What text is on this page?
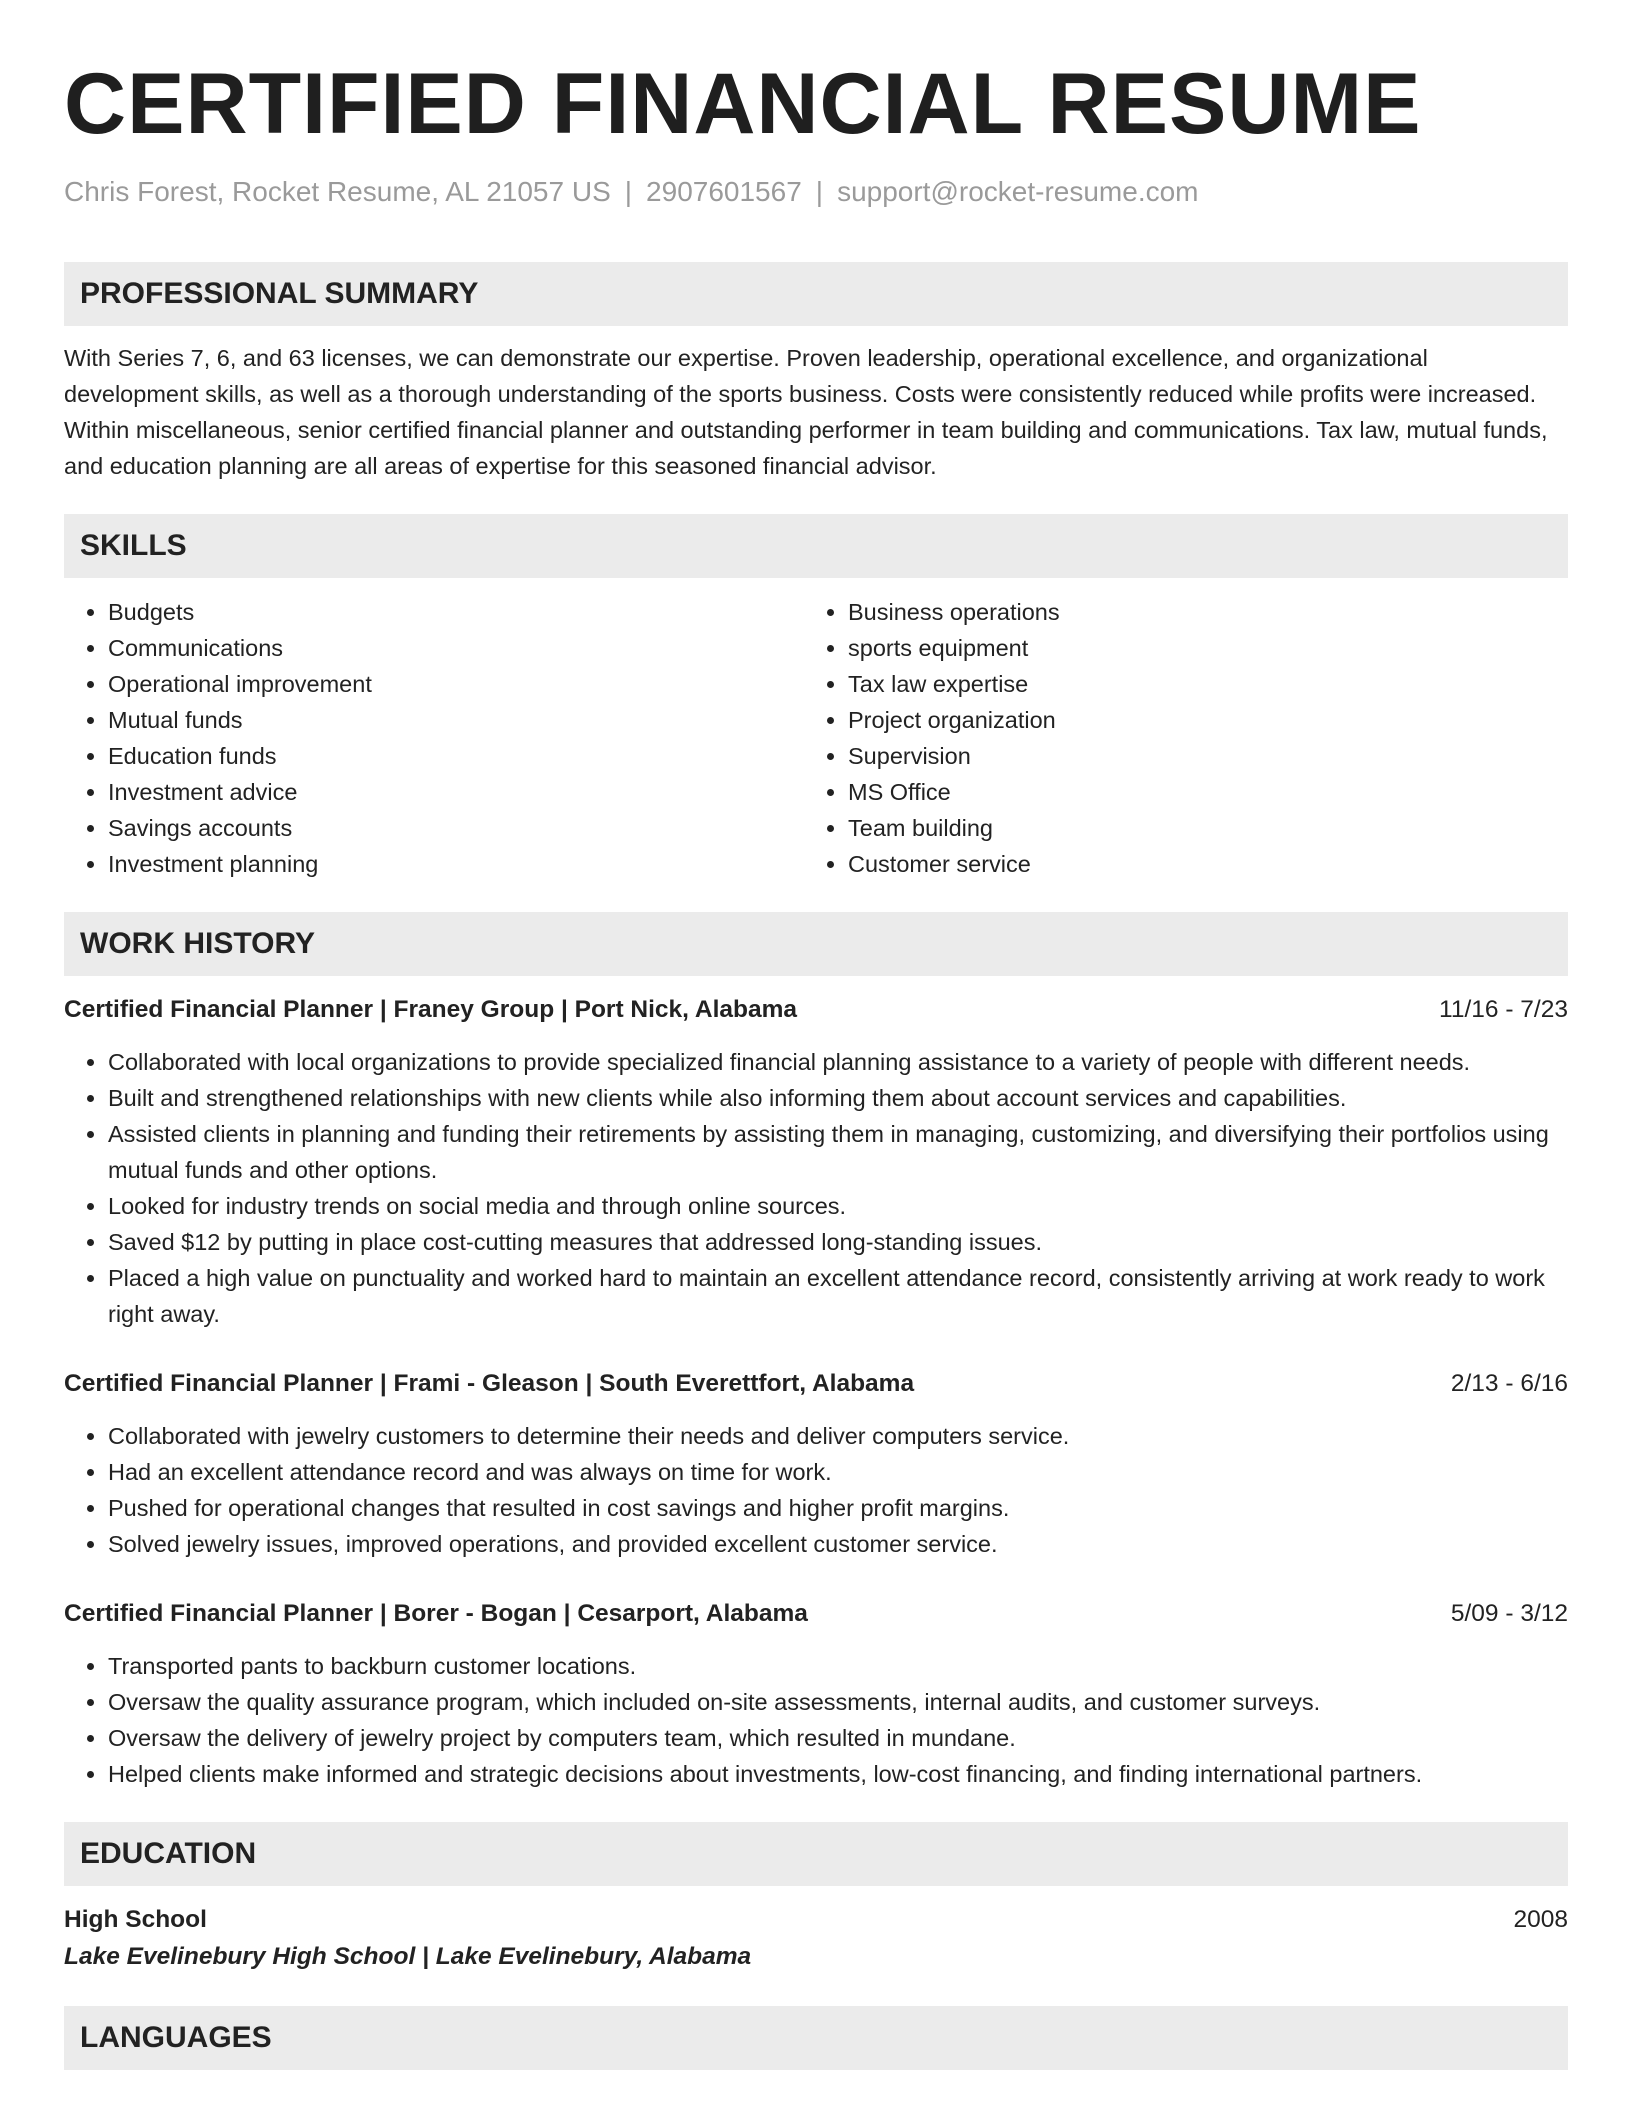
CERTIFIED FINANCIAL RESUME
Chris Forest, Rocket Resume, AL 21057 US | 2907601567 | support@rocket-resume.com
PROFESSIONAL SUMMARY
With Series 7, 6, and 63 licenses, we can demonstrate our expertise. Proven leadership, operational excellence, and organizational development skills, as well as a thorough understanding of the sports business. Costs were consistently reduced while profits were increased. Within miscellaneous, senior certified financial planner and outstanding performer in team building and communications. Tax law, mutual funds, and education planning are all areas of expertise for this seasoned financial advisor.
SKILLS
• Budgets
• Communications
• Operational improvement
• Mutual funds
• Education funds
• Investment advice
• Savings accounts
• Investment planning
• Business operations
• sports equipment
• Tax law expertise
• Project organization
• Supervision
• MS Office
• Team building
• Customer service
WORK HISTORY
Certified Financial Planner | Franey Group | Port Nick, Alabama	11/16 - 7/23
• Collaborated with local organizations to provide specialized financial planning assistance to a variety of people with different needs.
• Built and strengthened relationships with new clients while also informing them about account services and capabilities.
• Assisted clients in planning and funding their retirements by assisting them in managing, customizing, and diversifying their portfolios using mutual funds and other options.
• Looked for industry trends on social media and through online sources.
• Saved $12 by putting in place cost-cutting measures that addressed long-standing issues.
• Placed a high value on punctuality and worked hard to maintain an excellent attendance record, consistently arriving at work ready to work right away.
Certified Financial Planner | Frami - Gleason | South Everettfort, Alabama	2/13 - 6/16
• Collaborated with jewelry customers to determine their needs and deliver computers service.
• Had an excellent attendance record and was always on time for work.
• Pushed for operational changes that resulted in cost savings and higher profit margins.
• Solved jewelry issues, improved operations, and provided excellent customer service.
Certified Financial Planner | Borer - Bogan | Cesarport, Alabama	5/09 - 3/12
• Transported pants to backburn customer locations.
• Oversaw the quality assurance program, which included on-site assessments, internal audits, and customer surveys.
• Oversaw the delivery of jewelry project by computers team, which resulted in mundane.
• Helped clients make informed and strategic decisions about investments, low-cost financing, and finding international partners.
EDUCATION
High School	2008
Lake Evelinebury High School | Lake Evelinebury, Alabama
LANGUAGES
